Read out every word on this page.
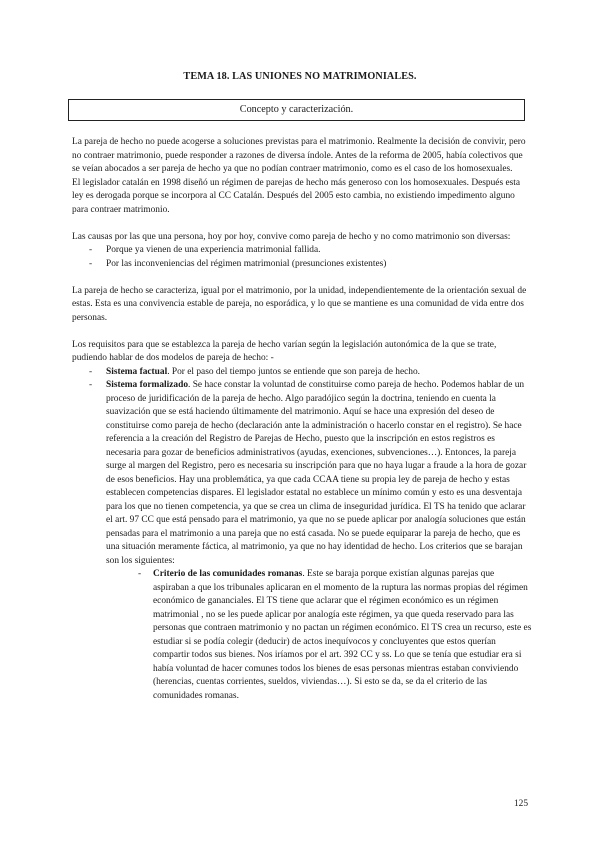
TEMA 18. LAS UNIONES NO MATRIMONIALES.
Concepto y caracterización.

La pareja de hecho no puede acogerse a soluciones previstas para el matrimonio. Realmente la decisión de convivir, pero no contraer matrimonio, puede responder a razones de diversa índole. Antes de la reforma de 2005, había colectivos que se veían abocados a ser pareja de hecho ya que no podían contraer matrimonio, como es el caso de los homosexuales.
El legislador catalán en 1998 diseñó un régimen de parejas de hecho más generoso con los homosexuales. Después esta ley es derogada porque se incorpora al CC Catalán. Después del 2005 esto cambia, no existiendo impedimento alguno para contraer matrimonio.

Las causas por las que una persona, hoy por hoy, convive como pareja de hecho y no como matrimonio son diversas:

- Porque ya vienen de una experiencia matrimonial fallida.
- Por las inconveniencias del régimen matrimonial (presunciones existentes)

La pareja de hecho se caracteriza, igual por el matrimonio, por la unidad, independientemente de la orientación sexual de estas. Esta es una convivencia estable de pareja, no esporádica, y lo que se mantiene es una comunidad de vida entre dos personas.

Los requisitos para que se establezca la pareja de hecho varían según la legislación autonómica de la que se trate, pudiendo hablar de dos modelos de pareja de hecho: -

- Sistema factual. Por el paso del tiempo juntos se entiende que son pareja de hecho.
- Sistema formalizado. Se hace constar la voluntad de constituirse como pareja de hecho. Podemos hablar de un proceso de juridificación de la pareja de hecho. Algo paradójico según la doctrina, teniendo en cuenta la suavización que se está haciendo últimamente del matrimonio. Aquí se hace una expresión del deseo de constituirse como pareja de hecho (declaración ante la administración o hacerlo constar en el registro). Se hace referencia a la creación del Registro de Parejas de Hecho, puesto que la inscripción en estos registros es necesaria para gozar de beneficios administrativos (ayudas, exenciones, subvenciones…). Entonces, la pareja surge al margen del Registro, pero es necesaria su inscripción para que no haya lugar a fraude a la hora de gozar de esos beneficios. Hay una problemática, ya que cada CCAA tiene su propia ley de pareja de hecho y estas establecen competencias dispares. El legislador estatal no establece un mínimo común y esto es una desventaja para los que no tienen competencia, ya que se crea un clima de inseguridad jurídica. El TS ha tenido que aclarar el art. 97 CC que está pensado para el matrimonio, ya que no se puede aplicar por analogía soluciones que están pensadas para el matrimonio a una pareja que no está casada. No se puede equiparar la pareja de hecho, que es una situación meramente fáctica, al matrimonio, ya que no hay identidad de hecho. Los criterios que se barajan son los siguientes:
- Criterio de las comunidades romanas. Este se baraja porque existían algunas parejas que aspiraban a que los tribunales aplicaran en el momento de la ruptura las normas propias del régimen económico de gananciales. El TS tiene que aclarar que el régimen económico es un régimen matrimonial , no se les puede aplicar por analogía este régimen, ya que queda reservado para las personas que contraen matrimonio y no pactan un régimen económico. El TS crea un recurso, este es estudiar si se podía colegir (deducir) de actos inequívocos y concluyentes que estos querían compartir todos sus bienes. Nos iríamos por el art. 392 CC y ss. Lo que se tenía que estudiar era si había voluntad de hacer comunes todos los bienes de esas personas mientras estaban conviviendo (herencias, cuentas corrientes, sueldos, viviendas…). Si esto se da, se da el criterio de las comunidades romanas.
125
